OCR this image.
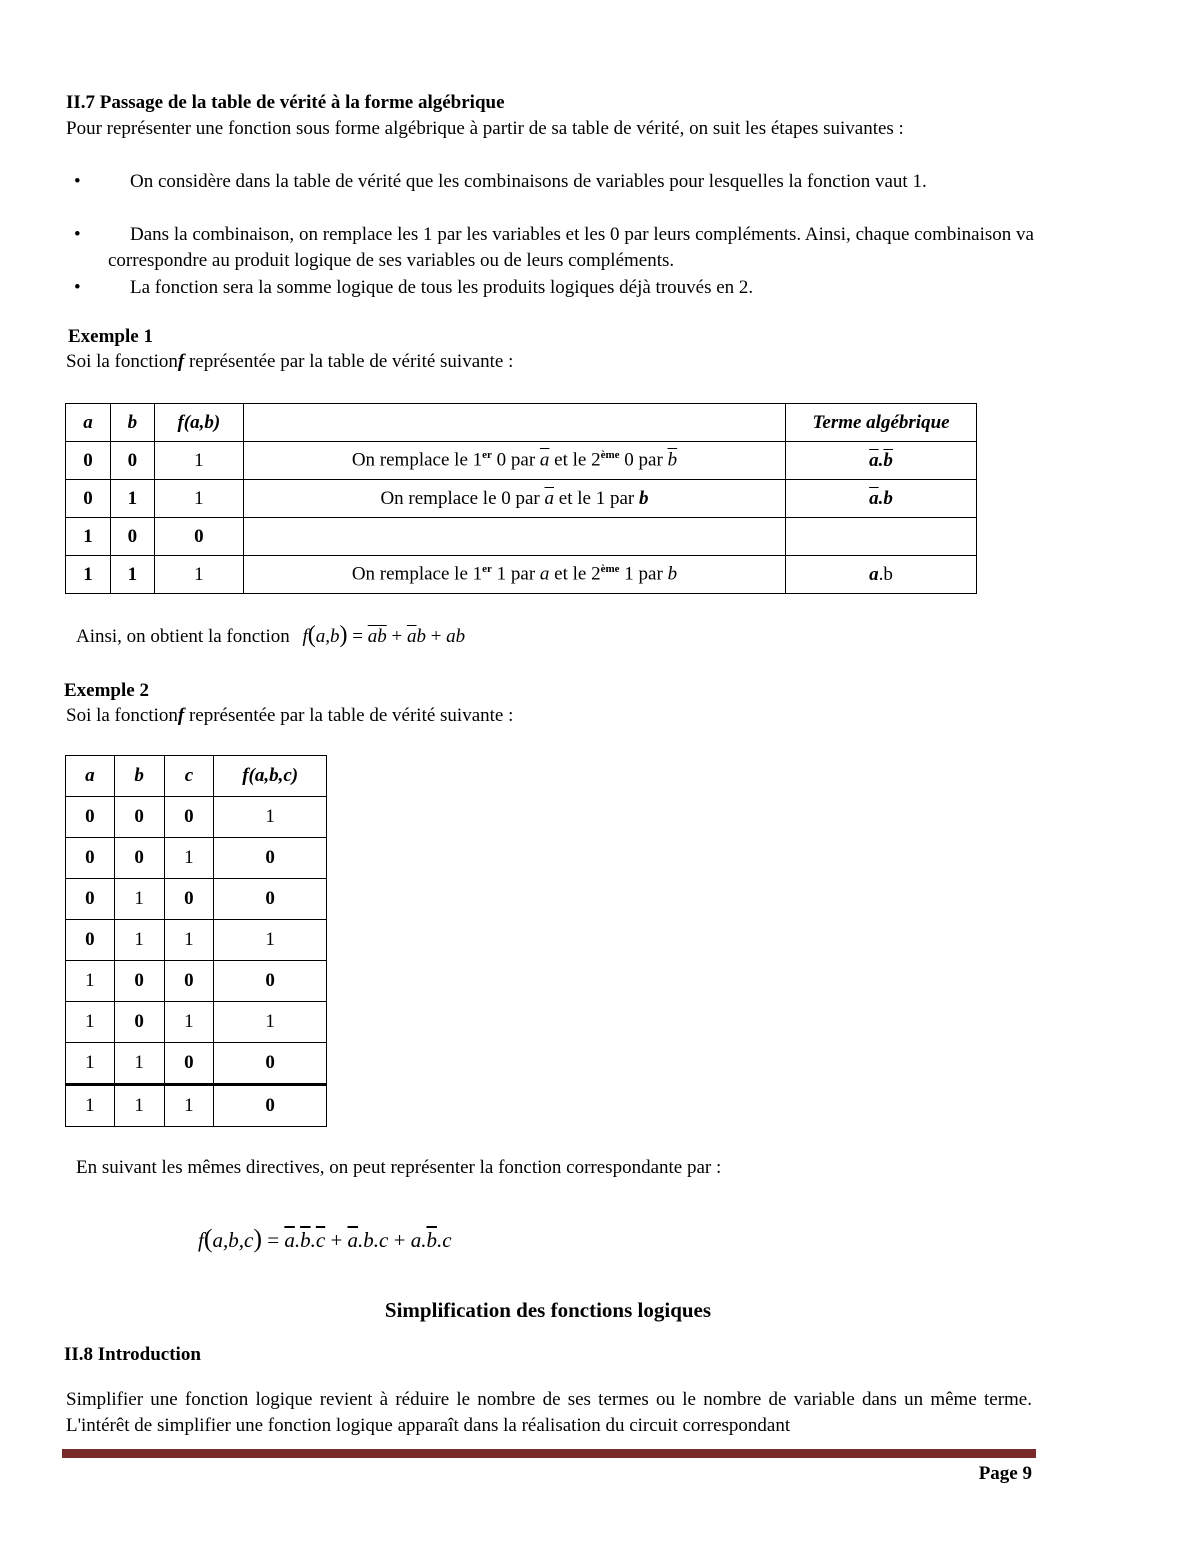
II.7 Passage de la table de vérité à la forme algébrique
Pour représenter une fonction sous forme algébrique à partir de sa table de vérité, on suit les étapes suivantes :
•	On considère dans la table de vérité que les combinaisons de variables pour lesquelles la fonction vaut 1.
•	Dans la combinaison, on remplace les 1 par les variables et les 0 par leurs compléments. Ainsi, chaque combinaison va correspondre au produit logique de ses variables ou de leurs compléments.
•	La fonction sera la somme logique de tous les produits logiques déjà trouvés en 2.
Exemple 1
Soi la fonctionf représentée par la table de vérité suivante :
a	b	f(a,b)		Terme algébrique
0	0	1	On remplace le 1er 0 par $\overline{a}$ et le 2ème 0 par $\overline{b}$	$\overline{a}.\overline{b}$
0	1	1	On remplace le 0 par $\overline{a}$ et le 1 par b	$\overline{a}.b$
1	0	0		
1	1	1	On remplace le 1er 1 par a et le 2ème 1 par b	a.b
Ainsi, on obtient la fonction $f(a,b) = \overline{a}\overline{b} + \overline{a}b$ + ab
Exemple 2
Soi la fonctionf représentée par la table de vérité suivante :
a	b	c	f(a,b,c)
0	0	0	1
0	0	1	0
0	1	0	0
0	1	1	1
1	0	0	0
1	0	1	1
1	1	0	0
1	1	1	0
En suivant les mêmes directives, on peut représenter la fonction correspondante par :
$f(a,b,c) = \overline{a}.\overline{b}.\overline{c} + \overline{a}.b.c + a.\overline{b}.c$
Simplification des fonctions logiques
II.8 Introduction
Simplifier une fonction logique revient à réduire le nombre de ses termes ou le nombre de variable dans un même terme. L'intérêt de simplifier une fonction logique apparaît dans la réalisation du circuit correspondant
Page 9
